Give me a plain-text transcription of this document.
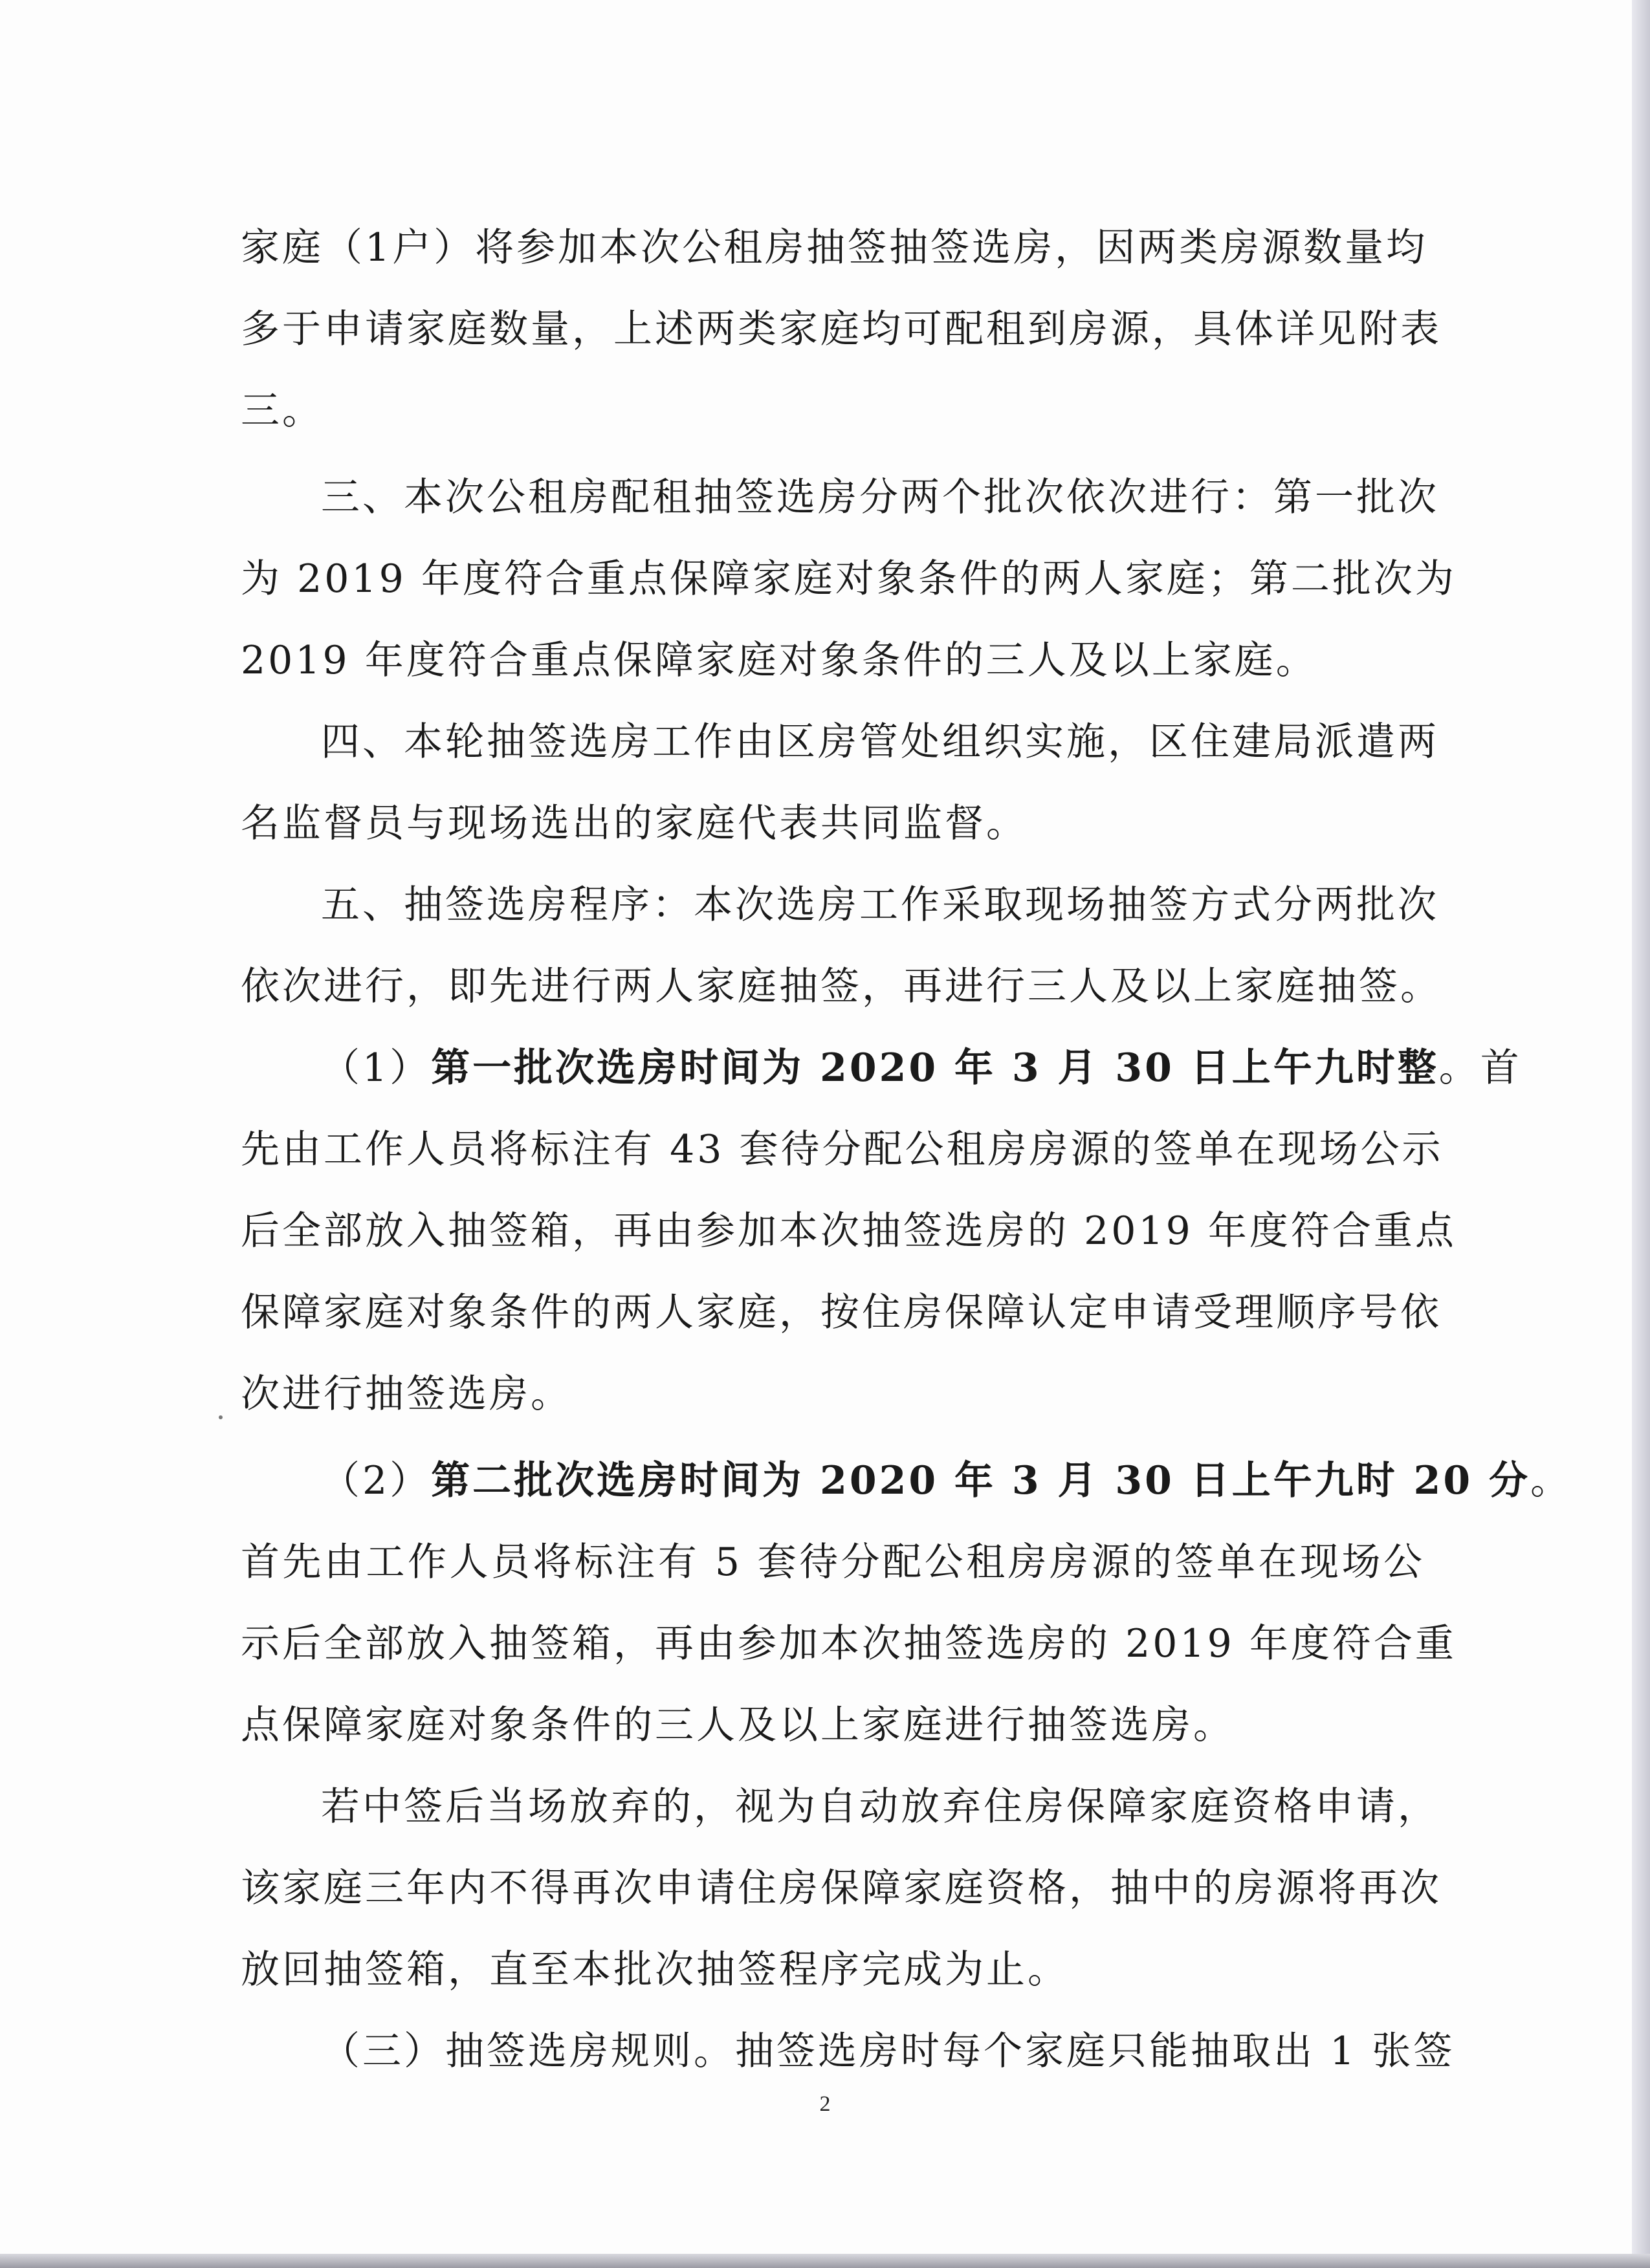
家庭（1户）将参加本次公租房抽签抽签选房，因两类房源数量均
多于申请家庭数量，上述两类家庭均可配租到房源，具体详见附表
三。
三、本次公租房配租抽签选房分两个批次依次进行：第一批次
为 2019 年度符合重点保障家庭对象条件的两人家庭；第二批次为
2019 年度符合重点保障家庭对象条件的三人及以上家庭。
四、本轮抽签选房工作由区房管处组织实施，区住建局派遣两
名监督员与现场选出的家庭代表共同监督。
五、抽签选房程序：本次选房工作采取现场抽签方式分两批次
依次进行，即先进行两人家庭抽签，再进行三人及以上家庭抽签。
（1）第一批次选房时间为 2020 年 3 月 30 日上午九时整。首
先由工作人员将标注有 43 套待分配公租房房源的签单在现场公示
后全部放入抽签箱，再由参加本次抽签选房的 2019 年度符合重点
保障家庭对象条件的两人家庭，按住房保障认定申请受理顺序号依
次进行抽签选房。
（2）第二批次选房时间为 2020 年 3 月 30 日上午九时 20 分。
首先由工作人员将标注有 5 套待分配公租房房源的签单在现场公
示后全部放入抽签箱，再由参加本次抽签选房的 2019 年度符合重
点保障家庭对象条件的三人及以上家庭进行抽签选房。
若中签后当场放弃的，视为自动放弃住房保障家庭资格申请，
该家庭三年内不得再次申请住房保障家庭资格，抽中的房源将再次
放回抽签箱，直至本批次抽签程序完成为止。
（三）抽签选房规则。抽签选房时每个家庭只能抽取出 1 张签
2
